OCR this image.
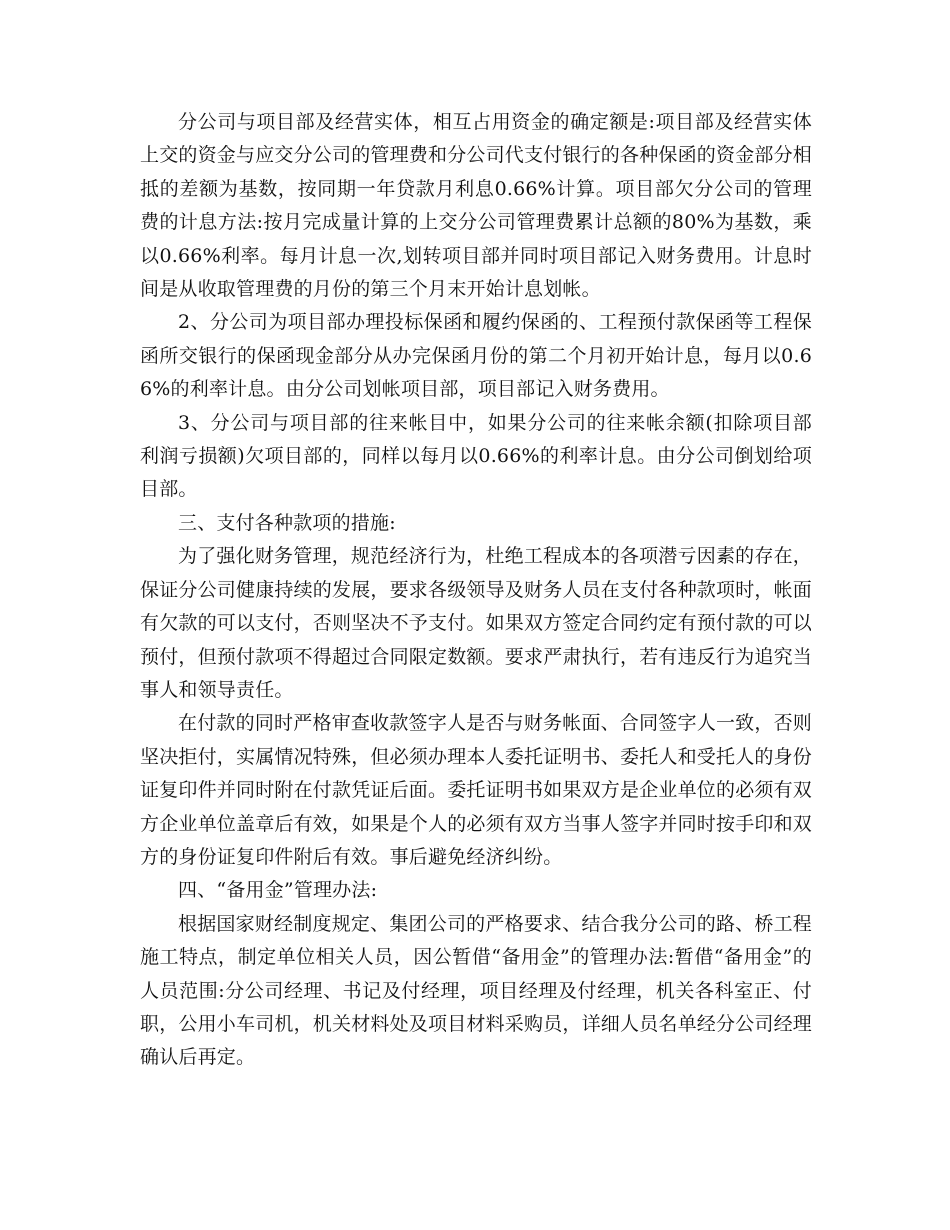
分公司与项目部及经营实体，相互占用资金的确定额是:项目部及经营实体上交的资金与应交分公司的管理费和分公司代支付银行的各种保函的资金部分相抵的差额为基数，按同期一年贷款月利息0.66%计算。项目部欠分公司的管理费的计息方法:按月完成量计算的上交分公司管理费累计总额的80%为基数，乘以0.66%利率。每月计息一次,划转项目部并同时项目部记入财务费用。计息时间是从收取管理费的月份的第三个月末开始计息划帐。

2、分公司为项目部办理投标保函和履约保函的、工程预付款保函等工程保函所交银行的保函现金部分从办完保函月份的第二个月初开始计息，每月以0.66%的利率计息。由分公司划帐项目部，项目部记入财务费用。

3、分公司与项目部的往来帐目中，如果分公司的往来帐余额(扣除项目部利润亏损额)欠项目部的，同样以每月以0.66%的利率计息。由分公司倒划给项目部。

三、支付各种款项的措施:

为了强化财务管理，规范经济行为，杜绝工程成本的各项潜亏因素的存在，保证分公司健康持续的发展，要求各级领导及财务人员在支付各种款项时，帐面有欠款的可以支付，否则坚决不予支付。如果双方签定合同约定有预付款的可以预付，但预付款项不得超过合同限定数额。要求严肃执行，若有违反行为追究当事人和领导责任。

在付款的同时严格审查收款签字人是否与财务帐面、合同签字人一致，否则坚决拒付，实属情况特殊，但必须办理本人委托证明书、委托人和受托人的身份证复印件并同时附在付款凭证后面。委托证明书如果双方是企业单位的必须有双方企业单位盖章后有效，如果是个人的必须有双方当事人签字并同时按手印和双方的身份证复印件附后有效。事后避免经济纠纷。

四、“备用金”管理办法:

根据国家财经制度规定、集团公司的严格要求、结合我分公司的路、桥工程施工特点，制定单位相关人员，因公暂借“备用金”的管理办法:暂借“备用金”的人员范围:分公司经理、书记及付经理，项目经理及付经理，机关各科室正、付职，公用小车司机，机关材料处及项目材料采购员，详细人员名单经分公司经理确认后再定。
